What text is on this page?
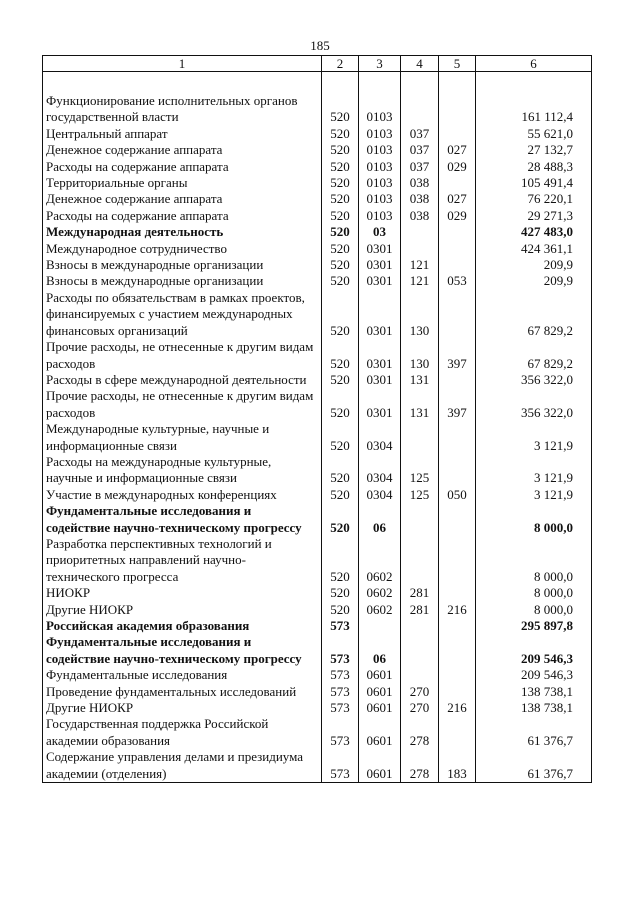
185
1	2	3	4	5	6

Функционирование исполнительных органов государственной власти	520	0103			161 112,4
Центральный аппарат	520	0103	037		55 621,0
Денежное содержание аппарата	520	0103	037	027	27 132,7
Расходы на содержание аппарата	520	0103	037	029	28 488,3
Территориальные органы	520	0103	038		105 491,4
Денежное содержание аппарата	520	0103	038	027	76 220,1
Расходы на содержание аппарата	520	0103	038	029	29 271,3
Международная деятельность	520	03			427 483,0
Международное сотрудничество	520	0301			424 361,1
Взносы в международные организации	520	0301	121		209,9
Взносы в международные организации	520	0301	121	053	209,9
Расходы по обязательствам в рамках проектов, финансируемых с участием международных финансовых организаций	520	0301	130		67 829,2
Прочие расходы, не отнесенные к другим видам расходов	520	0301	130	397	67 829,2
Расходы в сфере международной деятельности	520	0301	131		356 322,0
Прочие расходы, не отнесенные к другим видам расходов	520	0301	131	397	356 322,0
Международные культурные, научные и информационные связи	520	0304			3 121,9
Расходы на международные культурные, научные и информационные связи	520	0304	125		3 121,9
Участие в международных конференциях	520	0304	125	050	3 121,9
Фундаментальные исследования и содействие научно-техническому прогрессу	520	06			8 000,0
Разработка перспективных технологий и приоритетных направлений научно-технического прогресса	520	0602			8 000,0
НИОКР	520	0602	281		8 000,0
Другие НИОКР	520	0602	281	216	8 000,0
Российская академия образования	573				295 897,8
Фундаментальные исследования и содействие научно-техническому прогрессу	573	06			209 546,3
Фундаментальные исследования	573	0601			209 546,3
Проведение фундаментальных исследований	573	0601	270		138 738,1
Другие НИОКР	573	0601	270	216	138 738,1
Государственная поддержка Российской академии образования	573	0601	278		61 376,7
Содержание управления делами и президиума академии (отделения)	573	0601	278	183	61 376,7
